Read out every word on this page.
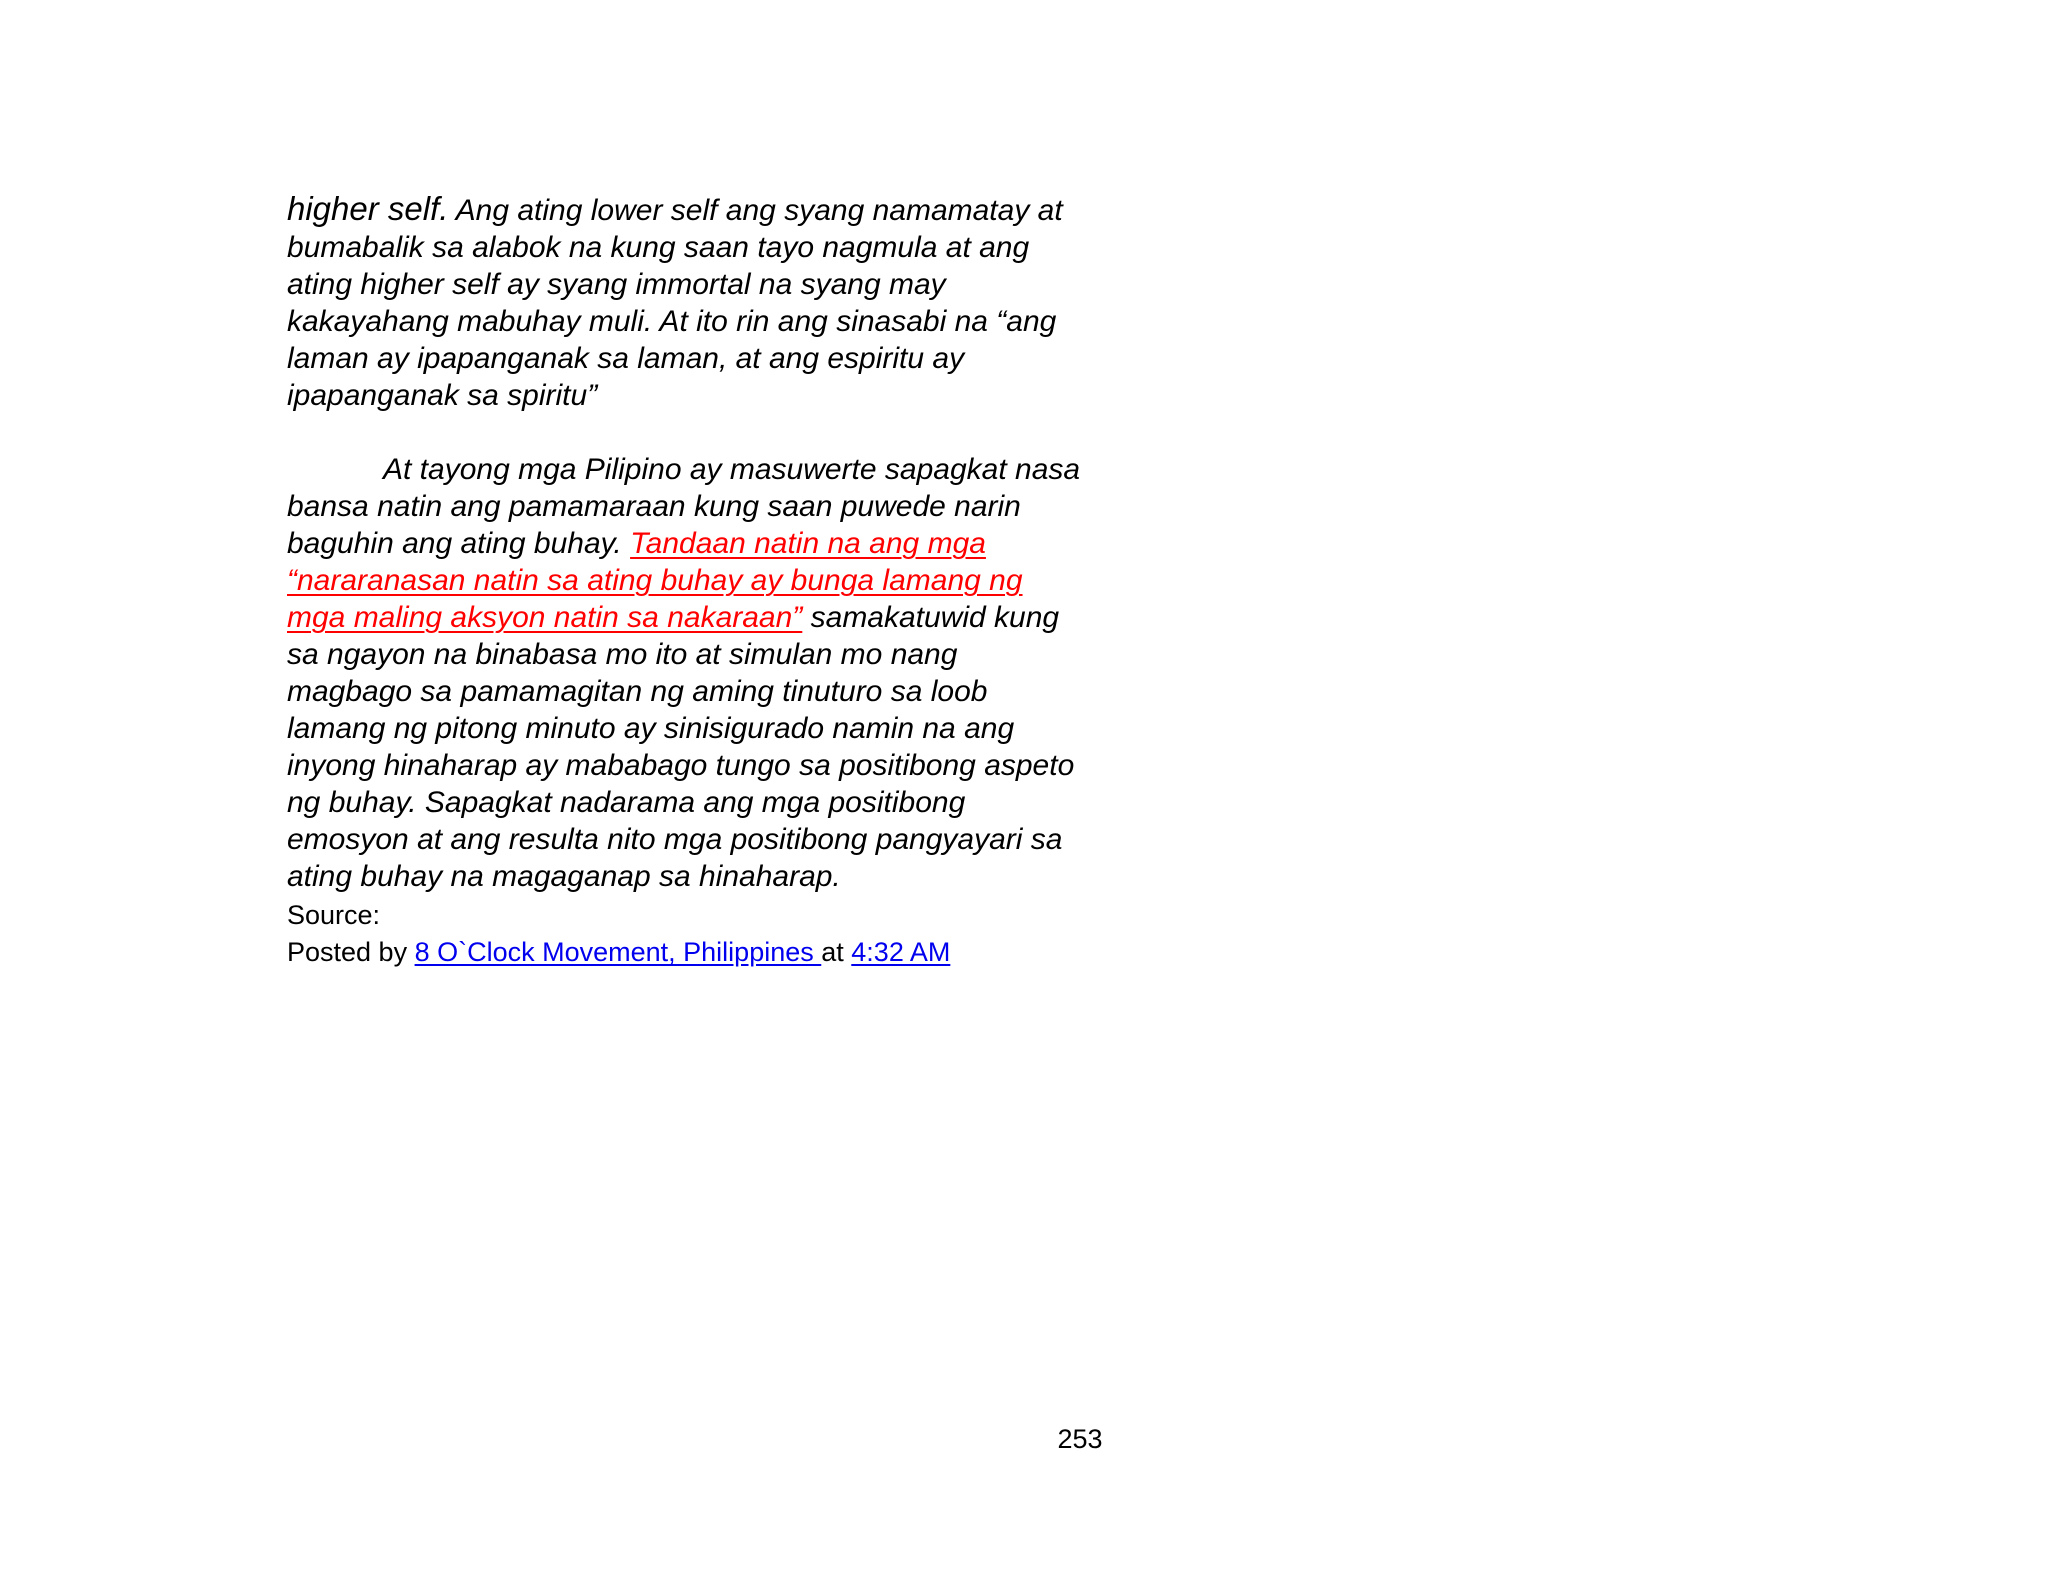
higher self. Ang ating lower self ang syang namamatay at bumabalik sa alabok na kung saan tayo nagmula at ang ating higher self ay syang immortal na syang may kakayahang mabuhay muli. At ito rin ang sinasabi na “ang laman ay ipapanganak sa laman, at ang espiritu ay ipapanganak sa spiritu”

At tayong mga Pilipino ay masuwerte sapagkat nasa bansa natin ang pamamaraan kung saan puwede narin baguhin ang ating buhay. Tandaan natin na ang mga “nararanasan natin sa ating buhay ay bunga lamang ng mga maling aksyon natin sa nakaraan” samakatuwid kung sa ngayon na binabasa mo ito at simulan mo nang magbago sa pamamagitan ng aming tinuturo sa loob lamang ng pitong minuto ay sinisigurado namin na ang inyong hinaharap ay mababago tungo sa positibong aspeto ng buhay. Sapagkat nadarama ang mga positibong emosyon at ang resulta nito mga positibong pangyayari sa ating buhay na magaganap sa hinaharap.

Source:

Posted by 8 O`Clock Movement, Philippines at 4:32 AM

253
